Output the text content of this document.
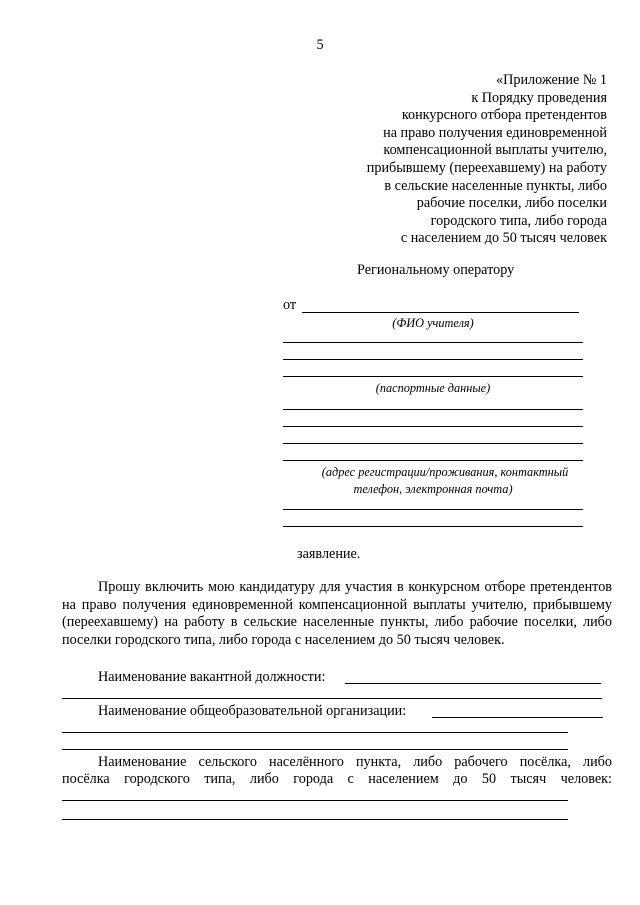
5
«Приложение № 1
к Порядку проведения
конкурсного отбора претендентов
на право получения единовременной
компенсационной выплаты учителю,
прибывшему (переехавшему) на работу
в сельские населенные пункты, либо
рабочие поселки, либо поселки
городского типа, либо города
с населением до 50 тысяч человек
Региональному оператору
от
(ФИО учителя)
(паспортные данные)
(адрес регистрации/проживания, контактный
телефон, электронная почта)
заявление.
Прошу включить мою кандидатуру для участия в конкурсном отборе претендентов на право получения единовременной компенсационной выплаты учителю, прибывшему (переехавшему) на работу в сельские населенные пункты, либо рабочие поселки, либо поселки городского типа, либо города с населением до 50 тысяч человек.
Наименование вакантной должности:
Наименование общеобразовательной организации:
Наименование сельского населённого пункта, либо рабочего посёлка, либо
посёлка городского типа, либо города с населением до 50 тысяч человек:
